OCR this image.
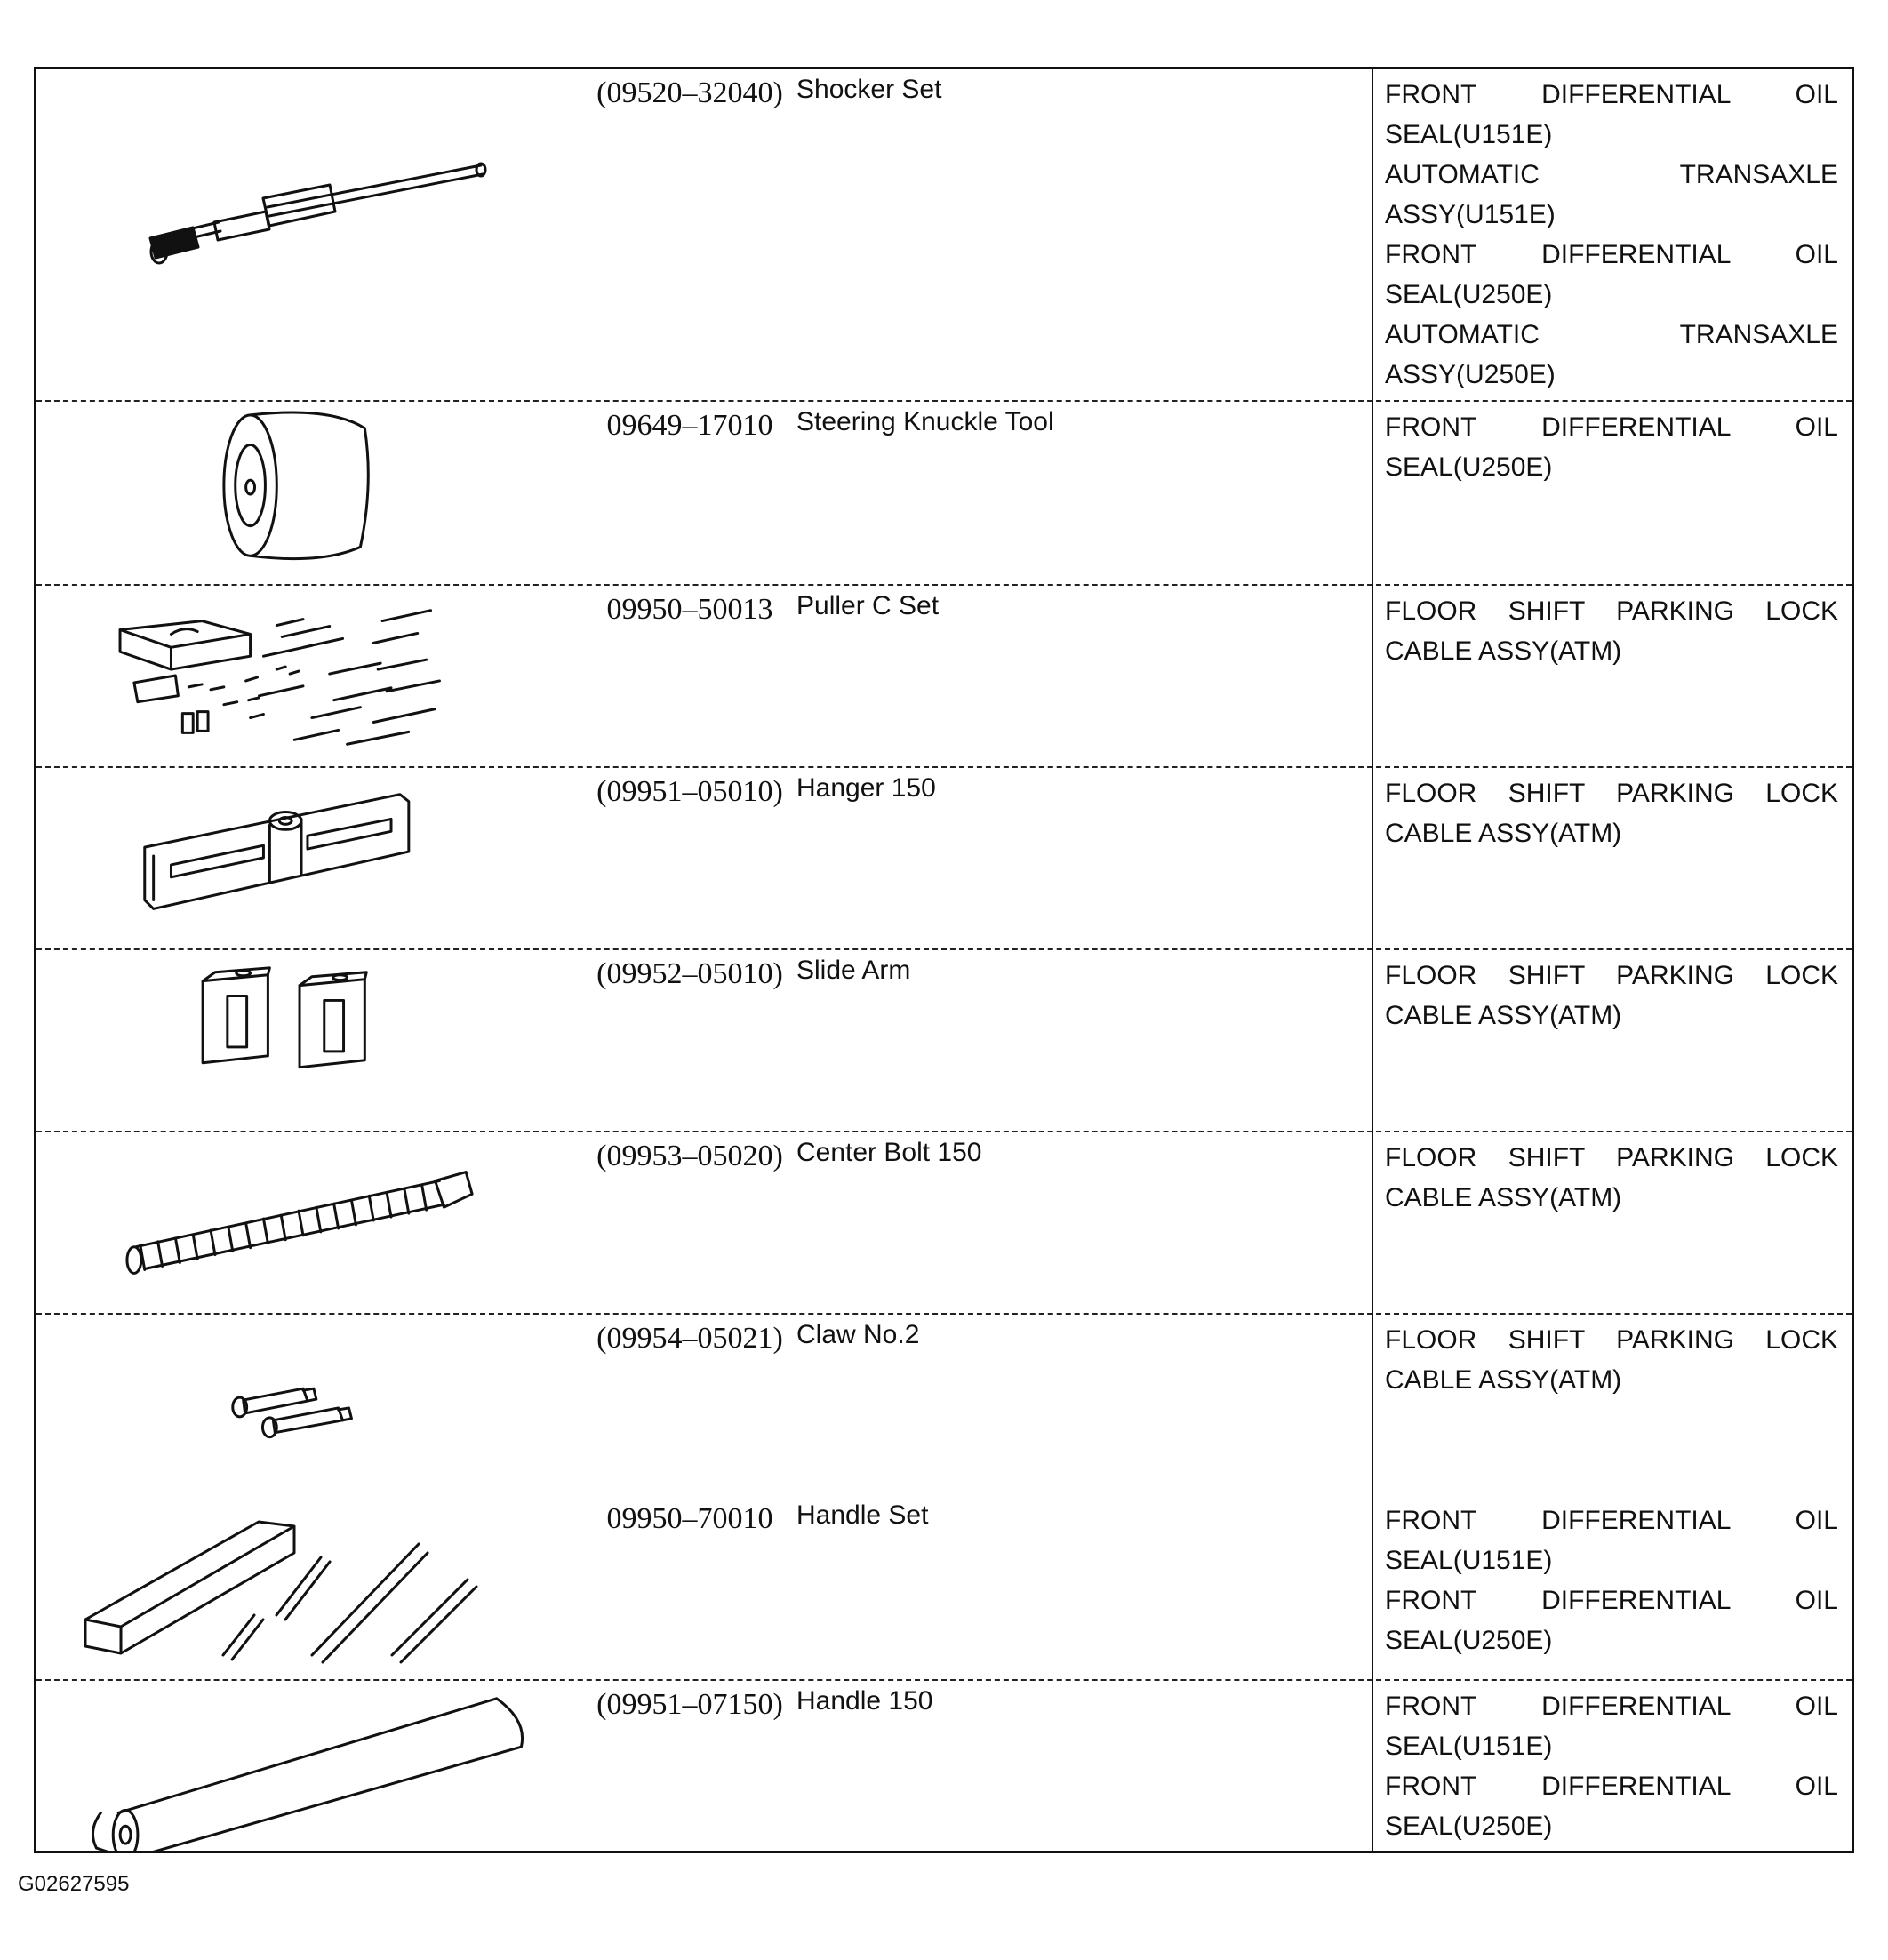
(09520–32040) Shocker Set	FRONT DIFFERENTIAL OIL
SEAL(U151E)
AUTOMATIC TRANSAXLE
ASSY(U151E)
FRONT DIFFERENTIAL OIL
SEAL(U250E)
AUTOMATIC TRANSAXLE
ASSY(U250E)
09649–17010 Steering Knuckle Tool	FRONT DIFFERENTIAL OIL
SEAL(U250E)
09950–50013 Puller C Set	FLOOR SHIFT PARKING LOCK
CABLE ASSY(ATM)
(09951–05010) Hanger 150	FLOOR SHIFT PARKING LOCK
CABLE ASSY(ATM)
(09952–05010) Slide Arm	FLOOR SHIFT PARKING LOCK
CABLE ASSY(ATM)
(09953–05020) Center Bolt 150	FLOOR SHIFT PARKING LOCK
CABLE ASSY(ATM)
(09954–05021) Claw No.2	FLOOR SHIFT PARKING LOCK
CABLE ASSY(ATM)
09950–70010 Handle Set	FRONT DIFFERENTIAL OIL
SEAL(U151E)
FRONT DIFFERENTIAL OIL
SEAL(U250E)
(09951–07150) Handle 150	FRONT DIFFERENTIAL OIL
SEAL(U151E)
FRONT DIFFERENTIAL OIL
SEAL(U250E)
G02627595
